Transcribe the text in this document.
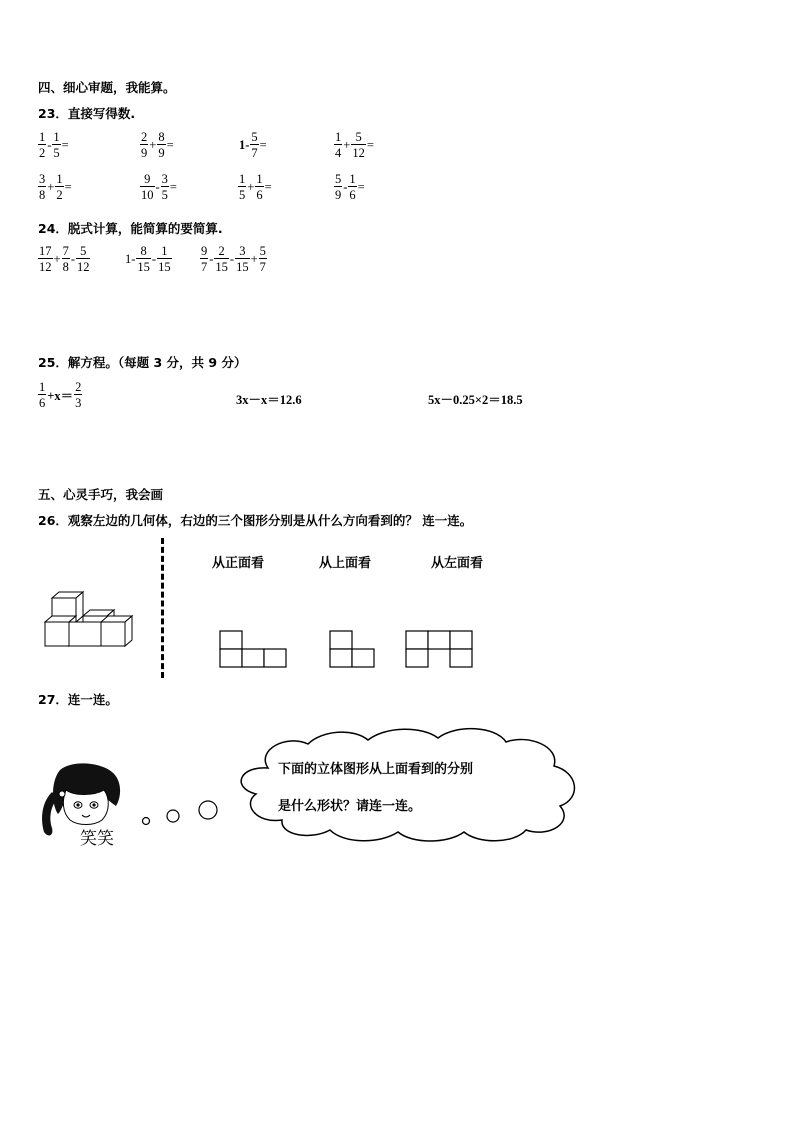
四、细心审题，我能算。
23．直接写得数.
$\frac{1}{2} - \frac{1}{5}$ =	$\frac{2}{9} + \frac{8}{9}$ =	$1- \frac{5}{7}$ =	$\frac{1}{4} + \frac{5}{12}$ =
$\frac{3}{8} + \frac{1}{2}$ =	$\frac{9}{10} - \frac{3}{5}$ =	$\frac{1}{5} + \frac{1}{6}$ =	$\frac{5}{9} - \frac{1}{6}$ =
24．脱式计算，能简算的要简算.
$\frac{17}{12} + \frac{7}{8} - \frac{5}{12}$	$1- \frac{8}{15} - \frac{1}{15} \frac{9}{7} - \frac{2}{15} - \frac{3}{15} + \frac{5}{7}$
25．解方程。（每题 3 分，共 9 分）
$\frac{1}{6} +x= \frac{2}{3}$	3x－x＝12.6	5x－0.25×2＝18.5
五、心灵手巧，我会画
26．观察左边的几何体，右边的三个图形分别是从什么方向看到的？ 连一连。
从正面看	从上面看	从左面看
27．连一连。
笑笑
下面的立体图形从上面看到的分别
是什么形状？请连一连。
